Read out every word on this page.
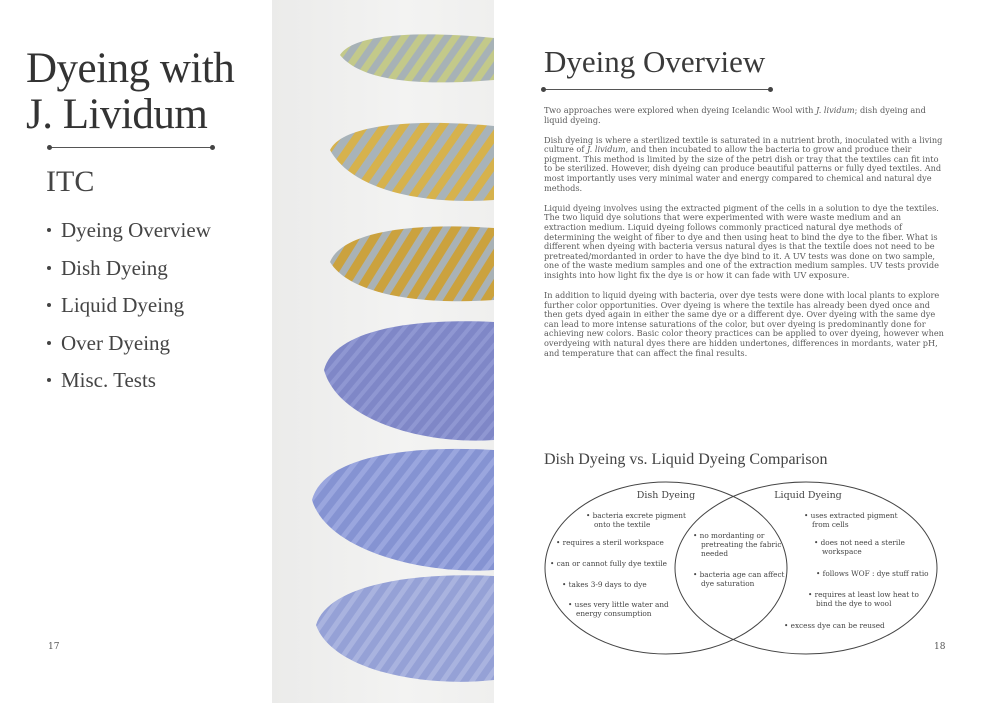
Dyeing with
J. Lividum
ITC
Dyeing Overview
Dish Dyeing
Liquid Dyeing
Over Dyeing
Misc. Tests
17
Dyeing Overview

Two approaches were explored when dyeing Icelandic Wool with J. lividum; dish dyeing and liquid dyeing.

Dish dyeing is where a sterilized textile is saturated in a nutrient broth, inoculated with a living culture of J. lividum, and then incubated to allow the bacteria to grow and produce their pigment. This method is limited by the size of the petri dish or tray that the textiles can fit into to be sterilized. However, dish dyeing can produce beautiful patterns or fully dyed textiles. And most importantly uses very minimal water and energy compared to chemical and natural dye methods.

Liquid dyeing involves using the extracted pigment of the cells in a solution to dye the textiles. The two liquid dye solutions that were experimented with were waste medium and an extraction medium. Liquid dyeing follows commonly practiced natural dye methods of determining the weight of fiber to dye and then using heat to bind the dye to the fiber. What is different when dyeing with bacteria versus natural dyes is that the textile does not need to be pretreated/mordanted in order to have the dye bind to it. A UV tests was done on two sample, one of the waste medium samples and one of the extraction medium samples. UV tests provide insights into how light fix the dye is or how it can fade with UV exposure.

In addition to liquid dyeing with bacteria, over dye tests were done with local plants to explore further color opportunities. Over dyeing is where the textile has already been dyed once and then gets dyed again in either the same dye or a different dye. Over dyeing with the same dye can lead to more intense saturations of the color, but over dyeing is predominantly done for achieving new colors. Basic color theory practices can be applied to over dyeing, however when overdyeing with natural dyes there are hidden undertones, differences in mordants, water pH, and temperature that can affect the final results.

Dish Dyeing vs. Liquid Dyeing Comparison
Dish Dyeing	Liquid Dyeing
• bacteria excrete pigment onto the textile
• requires a steril workspace
• can or cannot fully dye textile
• takes 3-9 days to dye
• uses very little water and energy consumption
• no mordanting or pretreating the fabric needed
• bacteria age can affect dye saturation
• uses extracted pigment from cells
• does not need a sterile workspace
• follows WOF : dye stuff ratio
• requires at least low heat to bind the dye to wool
• excess dye can be reused
18
